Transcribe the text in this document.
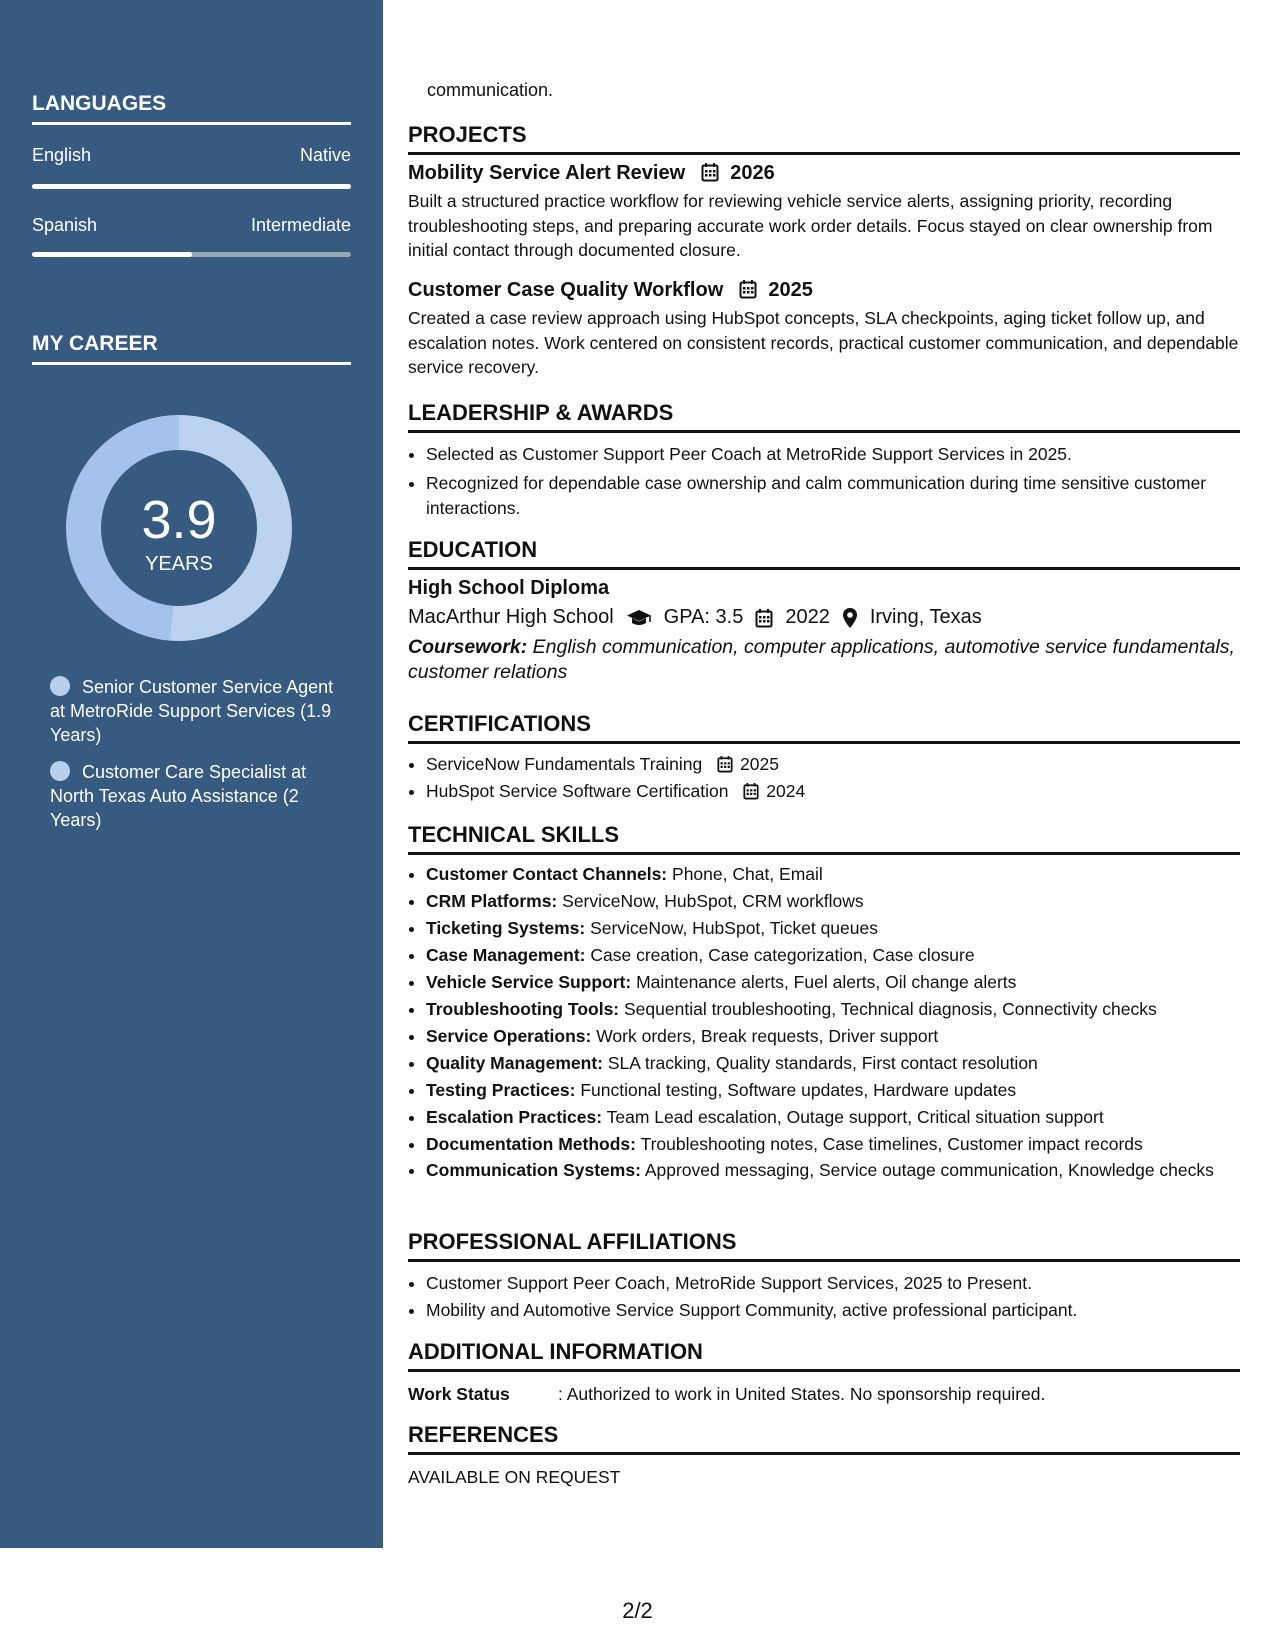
LANGUAGES
English	Native
Spanish	Intermediate
MY CAREER
3.9
YEARS
Senior Customer Service Agent at MetroRide Support Services (1.9 Years)
Customer Care Specialist at North Texas Auto Assistance (2 Years)
communication.
PROJECTS
Mobility Service Alert Review 2026
Built a structured practice workflow for reviewing vehicle service alerts, assigning priority, recording troubleshooting steps, and preparing accurate work order details. Focus stayed on clear ownership from initial contact through documented closure.
Customer Case Quality Workflow 2025
Created a case review approach using HubSpot concepts, SLA checkpoints, aging ticket follow up, and escalation notes. Work centered on consistent records, practical customer communication, and dependable service recovery.
LEADERSHIP & AWARDS
• Selected as Customer Support Peer Coach at MetroRide Support Services in 2025.
• Recognized for dependable case ownership and calm communication during time sensitive customer interactions.
EDUCATION
High School Diploma
MacArthur High School	GPA: 3.5 2022 Irving, Texas
Coursework: English communication, computer applications, automotive service fundamentals, customer relations
CERTIFICATIONS
• ServiceNow Fundamentals Training 2025
• HubSpot Service Software Certification 2024
TECHNICAL SKILLS
• Customer Contact Channels: Phone, Chat, Email
• CRM Platforms: ServiceNow, HubSpot, CRM workflows
• Ticketing Systems: ServiceNow, HubSpot, Ticket queues
• Case Management: Case creation, Case categorization, Case closure
• Vehicle Service Support: Maintenance alerts, Fuel alerts, Oil change alerts
• Troubleshooting Tools: Sequential troubleshooting, Technical diagnosis, Connectivity checks
• Service Operations: Work orders, Break requests, Driver support
• Quality Management: SLA tracking, Quality standards, First contact resolution
• Testing Practices: Functional testing, Software updates, Hardware updates
• Escalation Practices: Team Lead escalation, Outage support, Critical situation support
• Documentation Methods: Troubleshooting notes, Case timelines, Customer impact records
• Communication Systems: Approved messaging, Service outage communication, Knowledge checks
PROFESSIONAL AFFILIATIONS
• Customer Support Peer Coach, MetroRide Support Services, 2025 to Present.
• Mobility and Automotive Service Support Community, active professional participant.
ADDITIONAL INFORMATION
Work Status	: Authorized to work in United States. No sponsorship required.
REFERENCES
AVAILABLE ON REQUEST
2/2
